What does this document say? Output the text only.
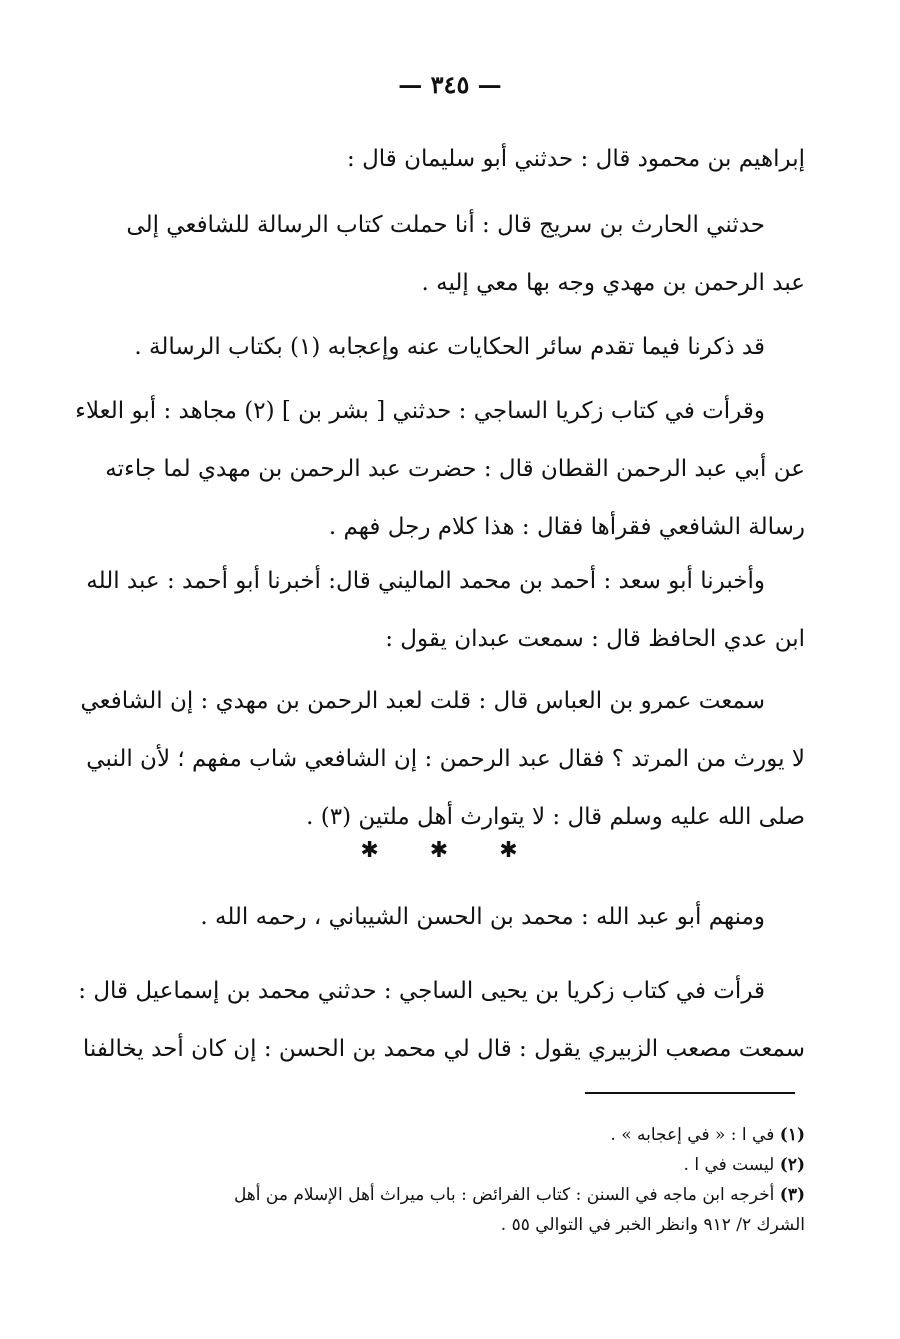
— ٣٤٥ —
إبراهيم بن محمود قال : حدثني أبو سليمان قال :
حدثني الحارث بن سريج قال : أنا حملت كتاب الرسالة للشافعي إلى
عبد الرحمن بن مهدي وجه بها معي إليه .
قد ذكرنا فيما تقدم سائر الحكايات عنه وإعجابه (١) بكتاب الرسالة .
وقرأت في كتاب زكريا الساجي : حدثني [ بشر بن ] (٢) مجاهد : أبو العلاء
عن أبي عبد الرحمن القطان قال : حضرت عبد الرحمن بن مهدي لما جاءته
رسالة الشافعي فقرأها فقال : هذا كلام رجل فهم .
وأخبرنا أبو سعد : أحمد بن محمد الماليني قال: أخبرنا أبو أحمد : عبد الله
ابن عدي الحافظ قال : سمعت عبدان يقول :
سمعت عمرو بن العباس قال : قلت لعبد الرحمن بن مهدي : إن الشافعي
لا يورث من المرتد ؟ فقال عبد الرحمن : إن الشافعي شاب مفهم ؛ لأن النبي
صلى الله عليه وسلم قال : لا يتوارث أهل ملتين (٣) .
✱ ✱ ✱
ومنهم أبو عبد الله : محمد بن الحسن الشيباني ، رحمه الله .
قرأت في كتاب زكريا بن يحيى الساجي : حدثني محمد بن إسماعيل قال :
سمعت مصعب الزبيري يقول : قال لي محمد بن الحسن : إن كان أحد يخالفنا
(١) في ا : « في إعجابه » .
(٢) ليست في ا .
(٣) أخرجه ابن ماجه في السنن : كتاب الفرائض : باب ميراث أهل الإسلام من أهل
الشرك ٢/ ٩١٢ وانظر الخبر في التوالي ٥٥ .
